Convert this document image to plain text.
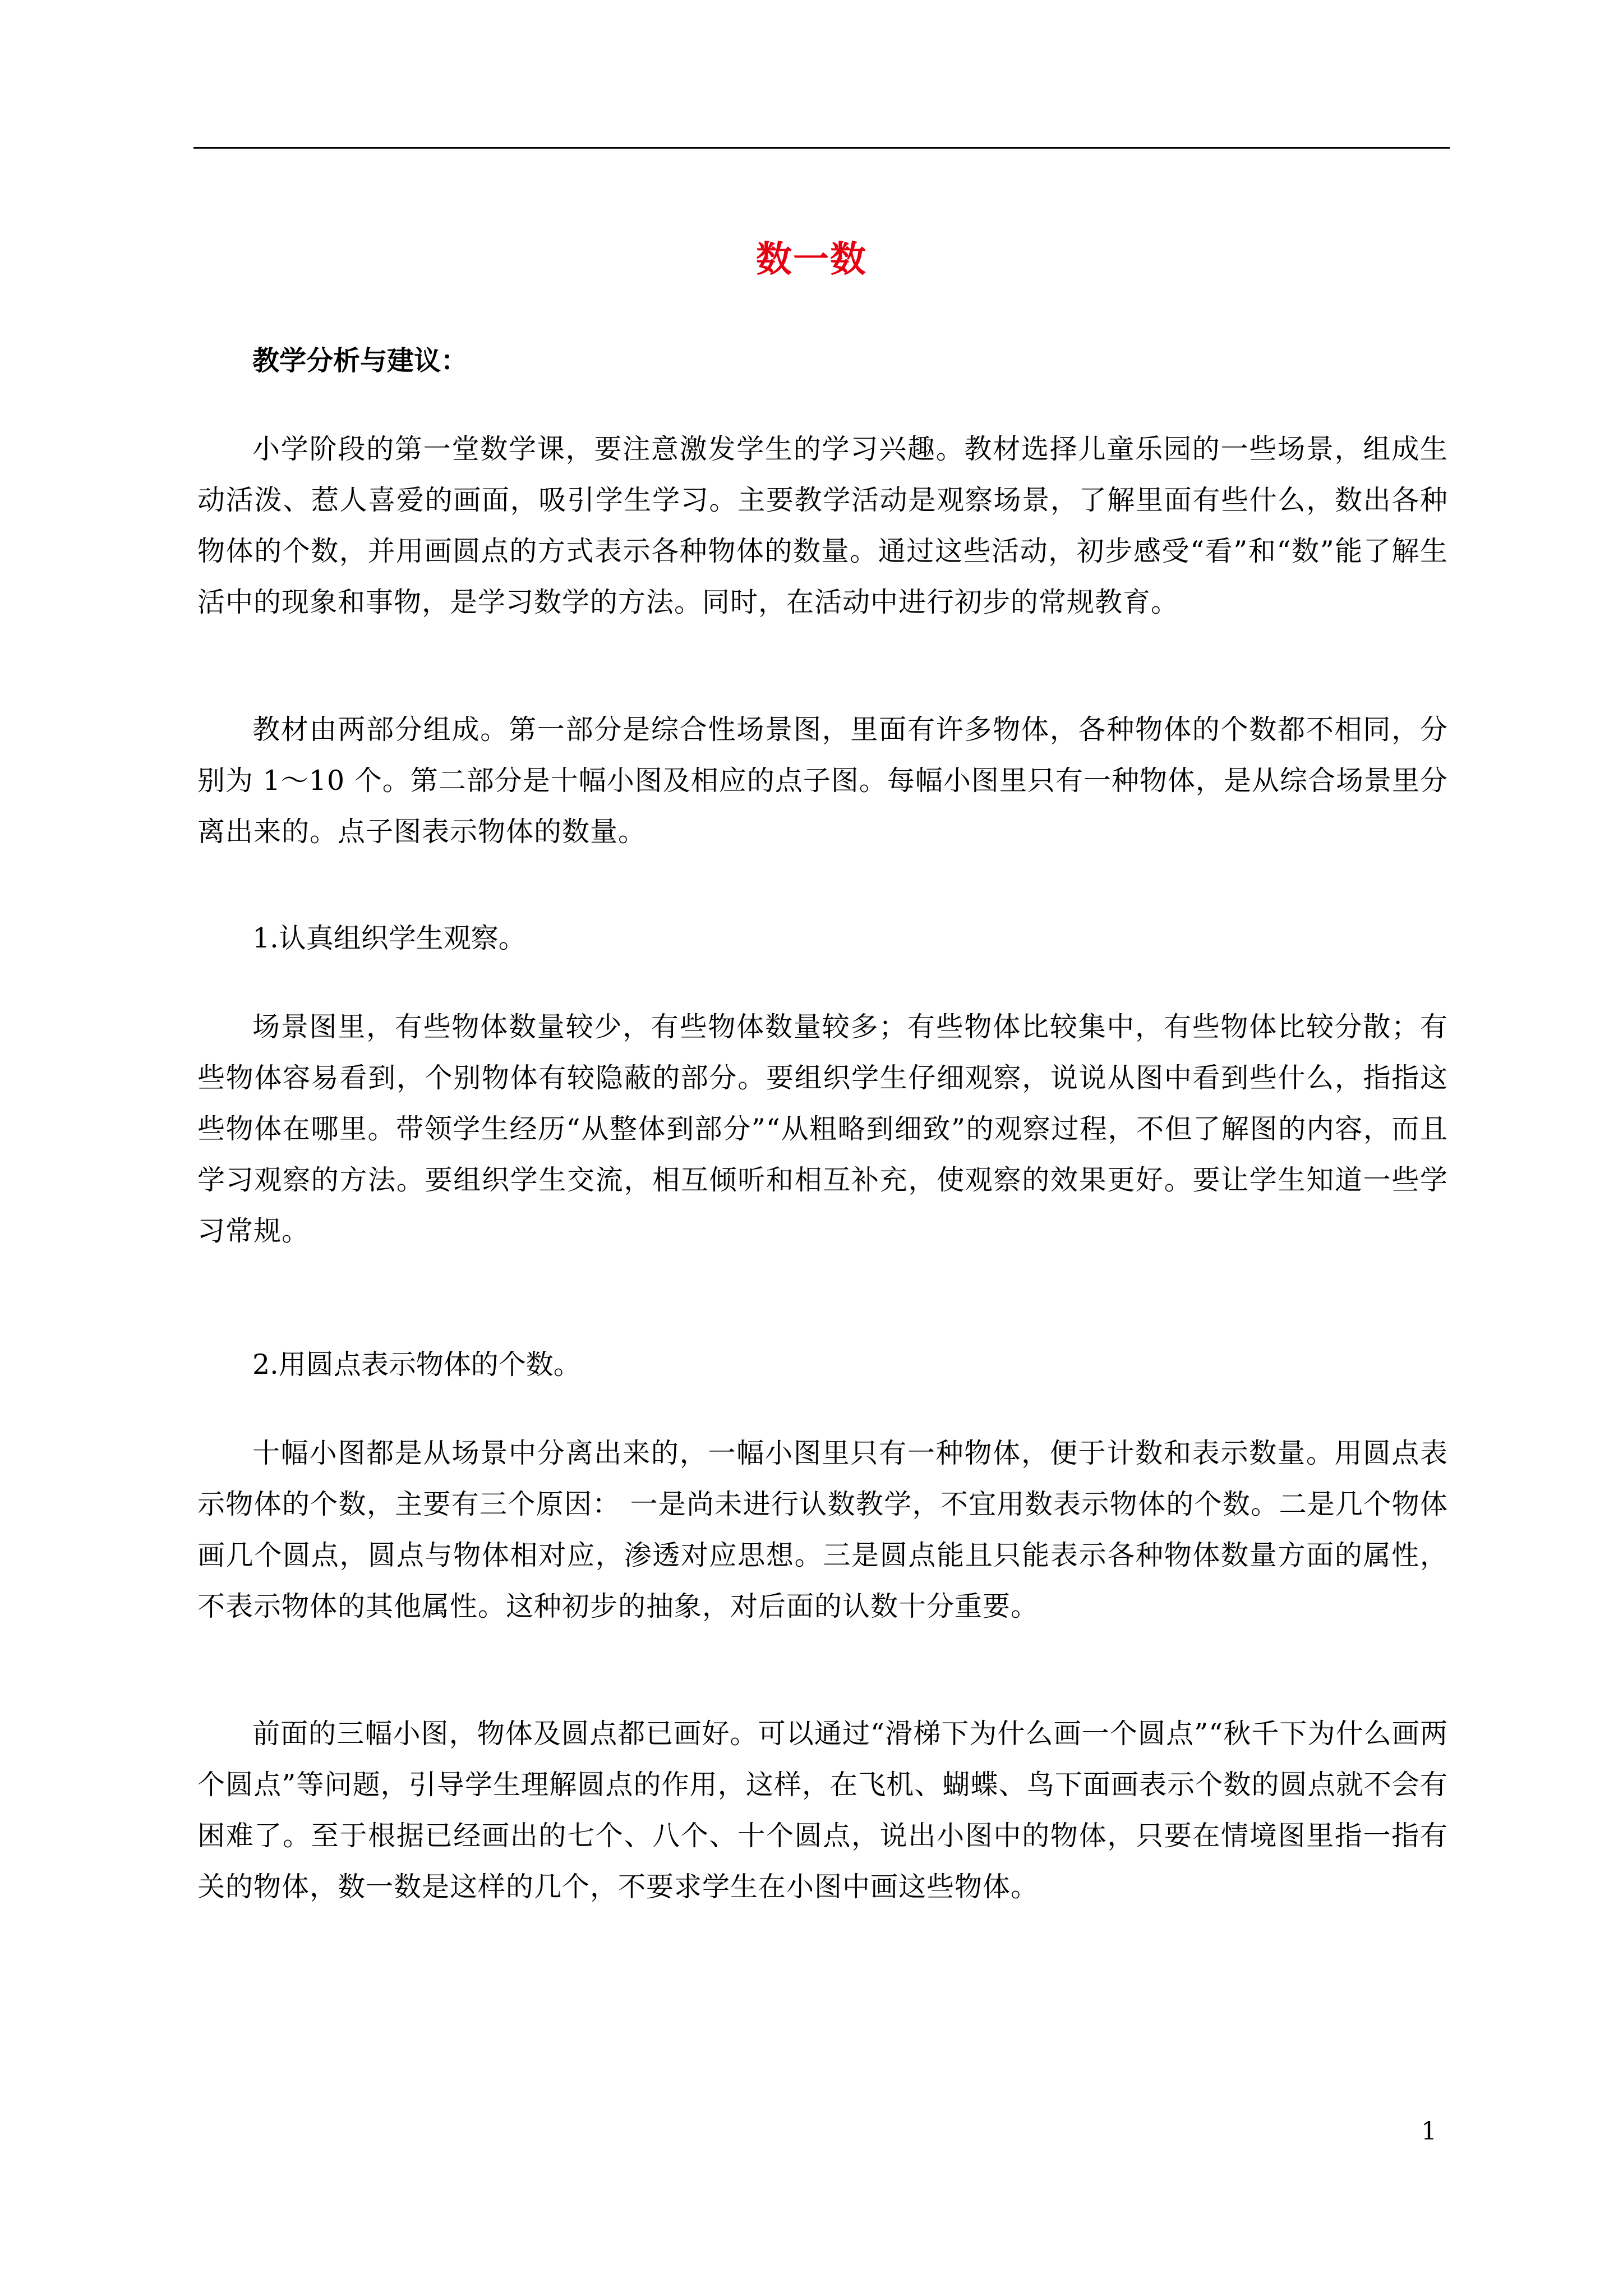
数一数
教学分析与建议：

小学阶段的第一堂数学课，要注意激发学生的学习兴趣。教材选择儿童乐园的一些场景，组成生动活泼、惹人喜爱的画面，吸引学生学习。主要教学活动是观察场景，了解里面有些什么，数出各种物体的个数，并用画圆点的方式表示各种物体的数量。通过这些活动，初步感受“看”和“数”能了解生活中的现象和事物，是学习数学的方法。同时，在活动中进行初步的常规教育。

教材由两部分组成。第一部分是综合性场景图，里面有许多物体，各种物体的个数都不相同，分别为 1～10 个。第二部分是十幅小图及相应的点子图。每幅小图里只有一种物体，是从综合场景里分离出来的。点子图表示物体的数量。

1.认真组织学生观察。

场景图里，有些物体数量较少，有些物体数量较多；有些物体比较集中，有些物体比较分散；有些物体容易看到，个别物体有较隐蔽的部分。要组织学生仔细观察，说说从图中看到些什么，指指这些物体在哪里。带领学生经历“从整体到部分”“从粗略到细致”的观察过程，不但了解图的内容，而且学习观察的方法。要组织学生交流，相互倾听和相互补充，使观察的效果更好。要让学生知道一些学习常规。

2.用圆点表示物体的个数。

十幅小图都是从场景中分离出来的，一幅小图里只有一种物体，便于计数和表示数量。用圆点表示物体的个数，主要有三个原因： 一是尚未进行认数教学，不宜用数表示物体的个数。二是几个物体画几个圆点，圆点与物体相对应，渗透对应思想。三是圆点能且只能表示各种物体数量方面的属性，不表示物体的其他属性。这种初步的抽象，对后面的认数十分重要。

前面的三幅小图，物体及圆点都已画好。可以通过“滑梯下为什么画一个圆点”“秋千下为什么画两个圆点”等问题，引导学生理解圆点的作用，这样，在飞机、蝴蝶、鸟下面画表示个数的圆点就不会有困难了。至于根据已经画出的七个、八个、十个圆点，说出小图中的物体，只要在情境图里指一指有关的物体，数一数是这样的几个，不要求学生在小图中画这些物体。

1
